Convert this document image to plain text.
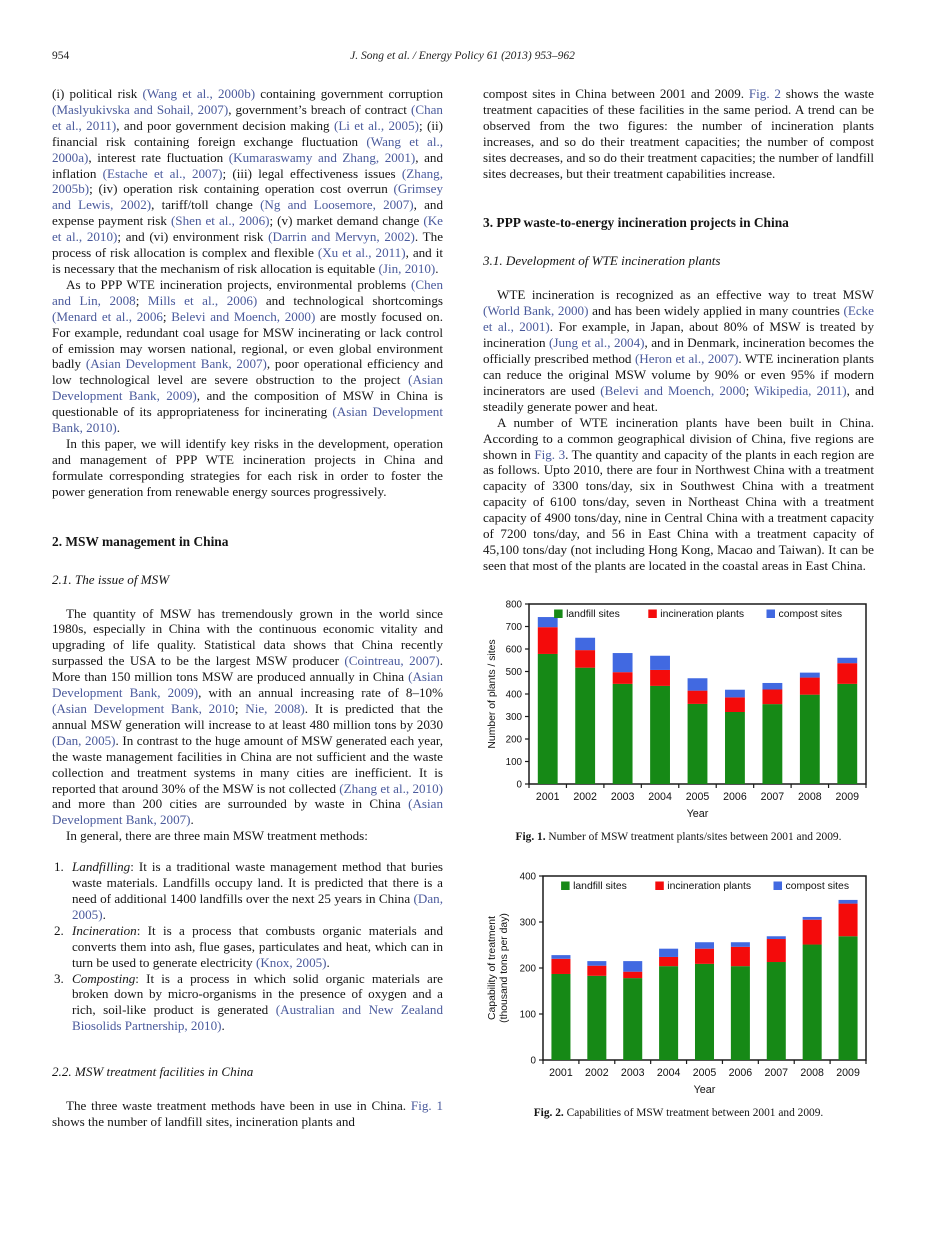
954	J. Song et al. / Energy Policy 61 (2013) 953–962

(i) political risk (Wang et al., 2000b) containing government corruption (Maslyukivska and Sohail, 2007), government’s breach of contract (Chan et al., 2011), and poor government decision making (Li et al., 2005); (ii) financial risk containing foreign exchange fluctuation (Wang et al., 2000a), interest rate fluctuation (Kumaraswamy and Zhang, 2001), and inflation (Estache et al., 2007); (iii) legal effectiveness issues (Zhang, 2005b); (iv) operation risk containing operation cost overrun (Grimsey and Lewis, 2002), tariff/toll change (Ng and Loosemore, 2007), and expense payment risk (Shen et al., 2006); (v) market demand change (Ke et al., 2010); and (vi) environment risk (Darrin and Mervyn, 2002). The process of risk allocation is complex and flexible (Xu et al., 2011), and it is necessary that the mechanism of risk allocation is equitable (Jin, 2010).

As to PPP WTE incineration projects, environmental problems (Chen and Lin, 2008; Mills et al., 2006) and technological shortcomings (Menard et al., 2006; Belevi and Moench, 2000) are mostly focused on. For example, redundant coal usage for MSW incinerating or lack control of emission may worsen national, regional, or even global environment badly (Asian Development Bank, 2007), poor operational efficiency and low technological level are severe obstruction to the project (Asian Development Bank, 2009), and the composition of MSW in China is questionable of its appropriateness for incinerating (Asian Development Bank, 2010).

In this paper, we will identify key risks in the development, operation and management of PPP WTE incineration projects in China and formulate corresponding strategies for each risk in order to foster the power generation from renewable energy sources progressively.

2. MSW management in China
2.1. The issue of MSW

The quantity of MSW has tremendously grown in the world since 1980s, especially in China with the continuous economic vitality and upgrading of life quality. Statistical data shows that China recently surpassed the USA to be the largest MSW producer (Cointreau, 2007). More than 150 million tons MSW are produced annually in China (Asian Development Bank, 2009), with an annual increasing rate of 8–10% (Asian Development Bank, 2010; Nie, 2008). It is predicted that the annual MSW generation will increase to at least 480 million tons by 2030 (Dan, 2005). In contrast to the huge amount of MSW generated each year, the waste management facilities in China are not sufficient and the waste collection and treatment systems in many cities are inefficient. It is reported that around 30% of the MSW is not collected (Zhang et al., 2010) and more than 200 cities are surrounded by waste in China (Asian Development Bank, 2007).

In general, there are three main MSW treatment methods:

1. Landfilling: It is a traditional waste management method that buries waste materials. Landfills occupy land. It is predicted that there is a need of additional 1400 landfills over the next 25 years in China (Dan, 2005).
2. Incineration: It is a process that combusts organic materials and converts them into ash, flue gases, particulates and heat, which can in turn be used to generate electricity (Knox, 2005).
3. Composting: It is a process in which solid organic materials are broken down by micro-organisms in the presence of oxygen and a rich, soil-like product is generated (Australian and New Zealand Biosolids Partnership, 2010).
2.2. MSW treatment facilities in China

The three waste treatment methods have been in use in China. Fig. 1 shows the number of landfill sites, incineration plants and

compost sites in China between 2001 and 2009. Fig. 2 shows the waste treatment capacities of these facilities in the same period. A trend can be observed from the two figures: the number of incineration plants increases, and so do their treatment capacities; the number of compost sites decreases, and so do their treatment capacities; the number of landfill sites decreases, but their treatment capabilities increase.

3. PPP waste-to-energy incineration projects in China
3.1. Development of WTE incineration plants

WTE incineration is recognized as an effective way to treat MSW (World Bank, 2000) and has been widely applied in many countries (Ecke et al., 2001). For example, in Japan, about 80% of MSW is treated by incineration (Jung et al., 2004), and in Denmark, incineration becomes the officially prescribed method (Heron et al., 2007). WTE incineration plants can reduce the original MSW volume by 90% or even 95% if modern incinerators are used (Belevi and Moench, 2000; Wikipedia, 2011), and steadily generate power and heat.

A number of WTE incineration plants have been built in China. According to a common geographical division of China, five regions are shown in Fig. 3. The quantity and capacity of the plants in each region are as follows. Upto 2010, there are four in Northwest China with a treatment capacity of 3300 tons/day, six in Southwest China with a treatment capacity of 6100 tons/day, seven in Northeast China with a treatment capacity of 4900 tons/day, nine in Central China with a treatment capacity of 7200 tons/day, and 56 in East China with a treatment capacity of 45,100 tons/day (not including Hong Kong, Macao and Taiwan). It can be seen that most of the plants are located in the coastal areas in East China.

0
100
200
300
400
500
600
700
800
2001 2002 2003 2004 2005 2006 2007 2008 2009
landfill sites	incineration plants	compost sites
Number of plants / sites
Year
Fig. 1. Number of MSW treatment plants/sites between 2001 and 2009.
0
100
200
300
400
2001 2002 2003 2004 2005 2006 2007 2008 2009
landfill sites	incineration plants	compost sites
Capability of treatment (thousand tons per day)
Year
Fig. 2. Capabilities of MSW treatment between 2001 and 2009.
